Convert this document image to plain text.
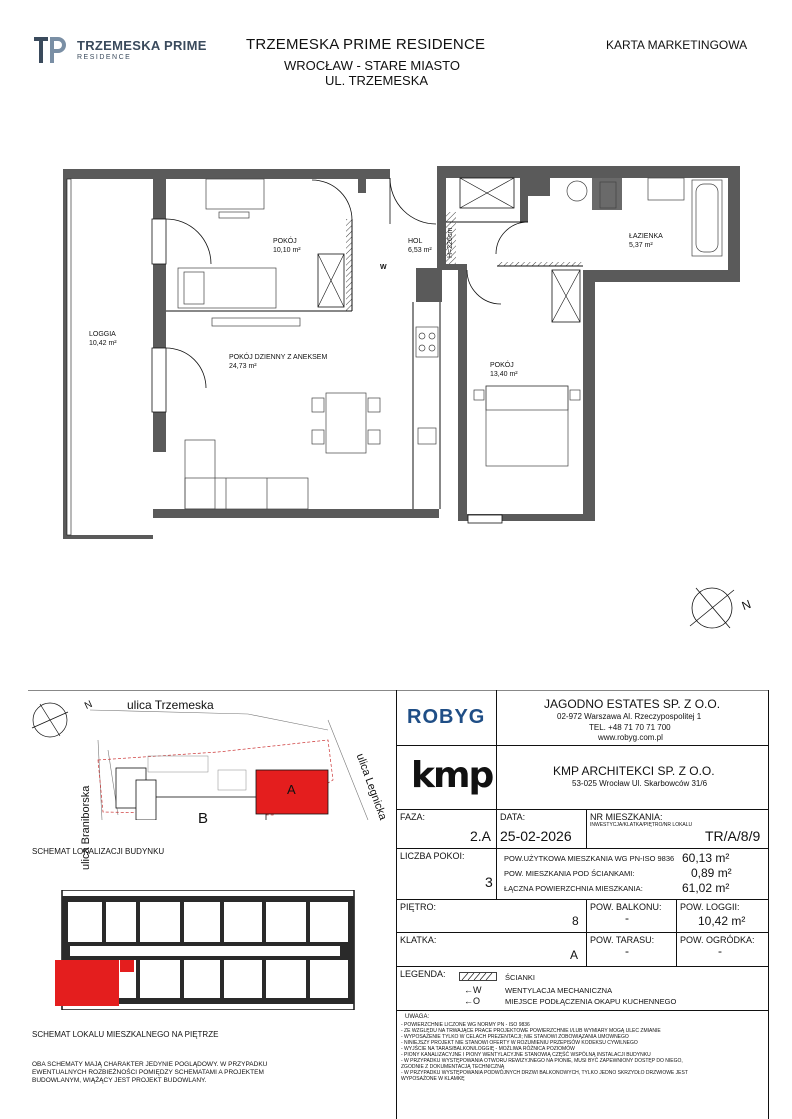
TRZEMESKA PRIME
RESIDENCE
TRZEMESKA PRIME RESIDENCE
WROCŁAW - STARE MIASTO
UL. TRZEMESKA
KARTA MARKETINGOWA
LOGGIA
10,42 m²
POKÓJ
10,10 m²
HOL
6,53 m²
ŁAZIENKA
5,37 m²
POKÓJ DZIENNY Z ANEKSEM
24,73 m²	POKÓJ
13,40 m²
H=226cm
W
N
ulica Trzemeska
ulica Braniborska	ulica Legnicka
A
B
N
SCHEMAT LOKALIZACJI BUDYNKU
SCHEMAT LOKALU MIESZKALNEGO NA PIĘTRZE
OBA SCHEMATY MAJĄ CHARAKTER JEDYNIE POGLĄDOWY. W PRZYPADKU EWENTUALNYCH ROZBIEŻNOŚCI POMIĘDZY SCHEMATAMI A PROJEKTEM BUDOWLANYM, WIĄŻĄCY JEST PROJEKT BUDOWLANY.
ROBYG
JAGODNO ESTATES SP. Z O.O.
02-972 Warszawa Al. Rzeczypospolitej 1
TEL. +48 71 70 71 700
www.robyg.com.pl
kmp	KMP ARCHITEKCI SP. Z O.O.
53-025 Wrocław Ul. Skarbowców 31/6
FAZA:
2.A
DATA:
25-02-2026
NR MIESZKANIA:
INWESTYCJA/KLATKA/PIĘTRO/NR LOKALU
TR/A/8/9
LICZBA POKOI:
3
POW.UŻYTKOWA MIESZKANIA WG PN-ISO 9836 60,13 m²
POW. MIESZKANIA POD ŚCIANKAMI:	0,89 m²
ŁĄCZNA POWIERZCHNIA MIESZKANIA:	61,02 m²
PIĘTRO:
8
POW. BALKONU:
-
POW. LOGGII:
10,42 m²
KLATKA:
A
POW. TARASU:
-
POW. OGRÓDKA:
-
LEGENDA:	ŚCIANKI
←W	WENTYLACJA MECHANICZNA
←O	MIEJSCE PODŁĄCZENIA OKAPU KUCHENNEGO
UWAGA:
- POWIERZCHNIE LICZONE WG NORMY PN - ISO 9836
- ZE WZGLĘDU NA TRWAJĄCE PRACE PROJEKTOWE POWIERZCHNIE I/LUB WYMIARY MOGĄ ULEC ZMIANIE
- WYPOSAŻENIE TYLKO W CELACH PREZENTACJI; NIE STANOWI ZOBOWIĄZANIA UMOWNEGO
- NINIEJSZY PROJEKT NIE STANOWI OFERTY W ROZUMIENIU PRZEPISÓW KODEKSU CYWILNEGO
- WYJŚCIE NA TARAS/BALKON/LOGGIĘ - MOŻLIWA RÓŻNICA POZIOMÓW
- PIONY KANALIZACYJNE I PIONY WENTYLACYJNE STANOWIĄ CZĘŚĆ WSPÓLNĄ INSTALACJI BUDYNKU
- W PRZYPADKU WYSTĘPOWANIA OTWORU REWIZYJNEGO NA PIONIE, MUSI BYĆ ZAPEWNIONY DOSTĘP DO NIEGO, ZGODNIE Z DOKUMENTACJĄ TECHNICZNĄ
- W PRZYPADKU WYSTĘPOWANIA PODWÓJNYCH DRZWI BALKONOWYCH, TYLKO JEDNO SKRZYDŁO DRZWIOWE JEST WYPOSAŻONE W KLAMKĘ
